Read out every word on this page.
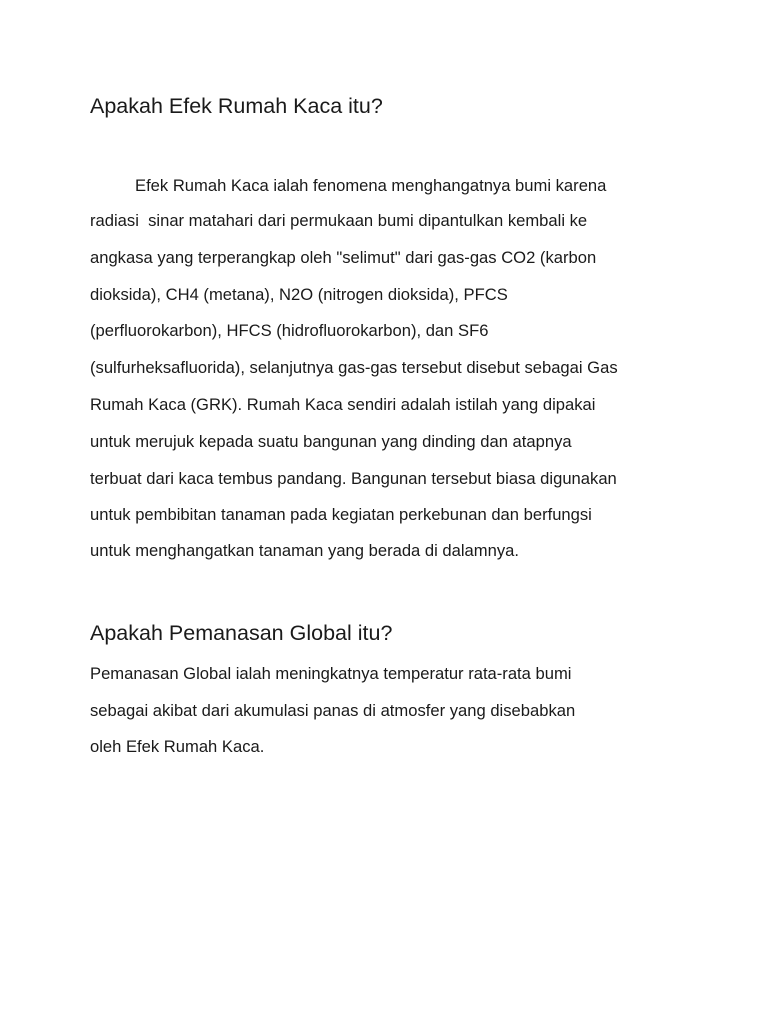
Apakah Efek Rumah Kaca itu?
Efek Rumah Kaca ialah fenomena menghangatnya bumi karena
radiasi  sinar matahari dari permukaan bumi dipantulkan kembali ke
angkasa yang terperangkap oleh "selimut" dari gas-gas CO2 (karbon
dioksida), CH4 (metana), N2O (nitrogen dioksida), PFCS
(perfluorokarbon), HFCS (hidrofluorokarbon), dan SF6
(sulfurheksafluorida), selanjutnya gas-gas tersebut disebut sebagai Gas
Rumah Kaca (GRK). Rumah Kaca sendiri adalah istilah yang dipakai
untuk merujuk kepada suatu bangunan yang dinding dan atapnya
terbuat dari kaca tembus pandang. Bangunan tersebut biasa digunakan
untuk pembibitan tanaman pada kegiatan perkebunan dan berfungsi
untuk menghangatkan tanaman yang berada di dalamnya.
Apakah Pemanasan Global itu?
Pemanasan Global ialah meningkatnya temperatur rata-rata bumi
sebagai akibat dari akumulasi panas di atmosfer yang disebabkan
oleh Efek Rumah Kaca.
